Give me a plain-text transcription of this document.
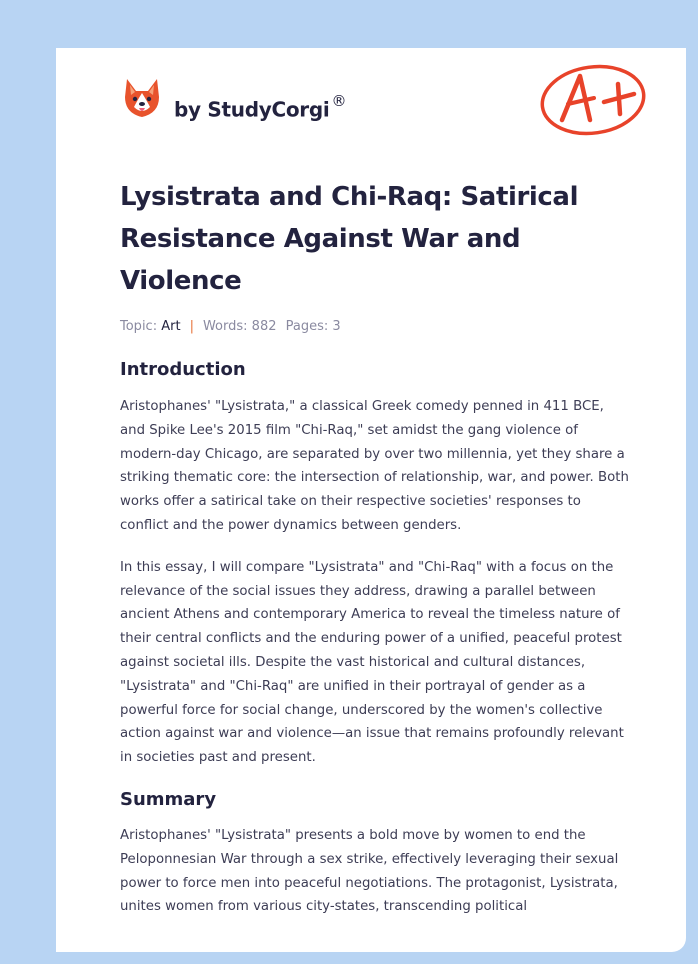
by StudyCorgi ®
Lysistrata and Chi-Raq: Satirical Resistance Against War and Violence
Topic: Art | Words: 882 Pages: 3
Introduction

Aristophanes' "Lysistrata," a classical Greek comedy penned in 411 BCE, and Spike Lee's 2015 film "Chi-Raq," set amidst the gang violence of modern-day Chicago, are separated by over two millennia, yet they share a striking thematic core: the intersection of relationship, war, and power. Both works offer a satirical take on their respective societies' responses to conflict and the power dynamics between genders.

In this essay, I will compare "Lysistrata" and "Chi-Raq" with a focus on the relevance of the social issues they address, drawing a parallel between ancient Athens and contemporary America to reveal the timeless nature of their central conflicts and the enduring power of a unified, peaceful protest against societal ills. Despite the vast historical and cultural distances, "Lysistrata" and "Chi-Raq" are unified in their portrayal of gender as a powerful force for social change, underscored by the women's collective action against war and violence—an issue that remains profoundly relevant in societies past and present.

Summary

Aristophanes' "Lysistrata" presents a bold move by women to end the Peloponnesian War through a sex strike, effectively leveraging their sexual power to force men into peaceful negotiations. The protagonist, Lysistrata, unites women from various city-states, transcending political
